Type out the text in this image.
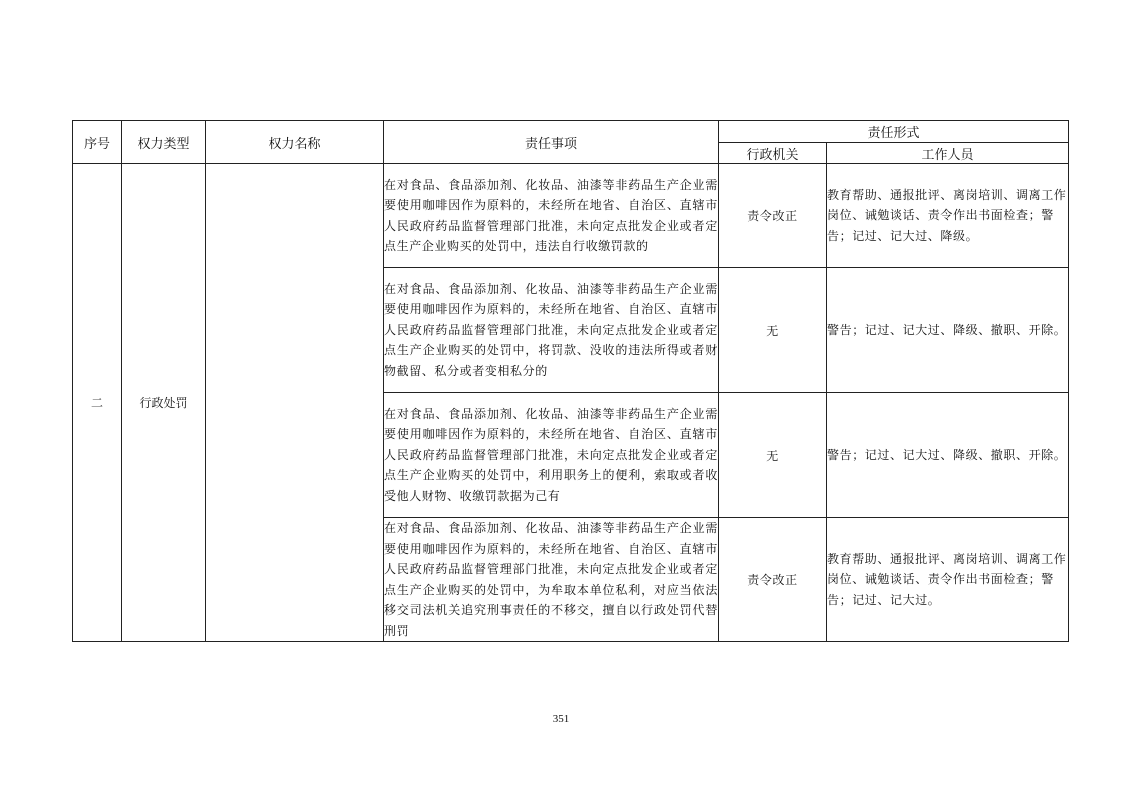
序号	权力类型	权力名称	责任事项	责任形式	
				行政机关	工作人员
二	行政处罚		在对食品、食品添加剂、化妆品、油漆等非药品生产企业需要使用咖啡因作为原料的，未经所在地省、自治区、直辖市人民政府药品监督管理部门批准，未向定点批发企业或者定点生产企业购买的处罚中，违法自行收缴罚款的	责令改正	教育帮助、通报批评、离岗培训、调离工作岗位、诫勉谈话、责令作出书面检查；警告；记过、记大过、降级。
			在对食品、食品添加剂、化妆品、油漆等非药品生产企业需要使用咖啡因作为原料的，未经所在地省、自治区、直辖市人民政府药品监督管理部门批准，未向定点批发企业或者定点生产企业购买的处罚中，将罚款、没收的违法所得或者财物截留、私分或者变相私分的	无	警告；记过、记大过、降级、撤职、开除。
			在对食品、食品添加剂、化妆品、油漆等非药品生产企业需要使用咖啡因作为原料的，未经所在地省、自治区、直辖市人民政府药品监督管理部门批准，未向定点批发企业或者定点生产企业购买的处罚中，利用职务上的便利，索取或者收受他人财物、收缴罚款据为己有	无	警告；记过、记大过、降级、撤职、开除。
			在对食品、食品添加剂、化妆品、油漆等非药品生产企业需要使用咖啡因作为原料的，未经所在地省、自治区、直辖市人民政府药品监督管理部门批准，未向定点批发企业或者定点生产企业购买的处罚中，为牟取本单位私利，对应当依法移交司法机关追究刑事责任的不移交，擅自以行政处罚代替刑罚	责令改正	教育帮助、通报批评、离岗培训、调离工作岗位、诫勉谈话、责令作出书面检查；警告；记过、记大过。
351
